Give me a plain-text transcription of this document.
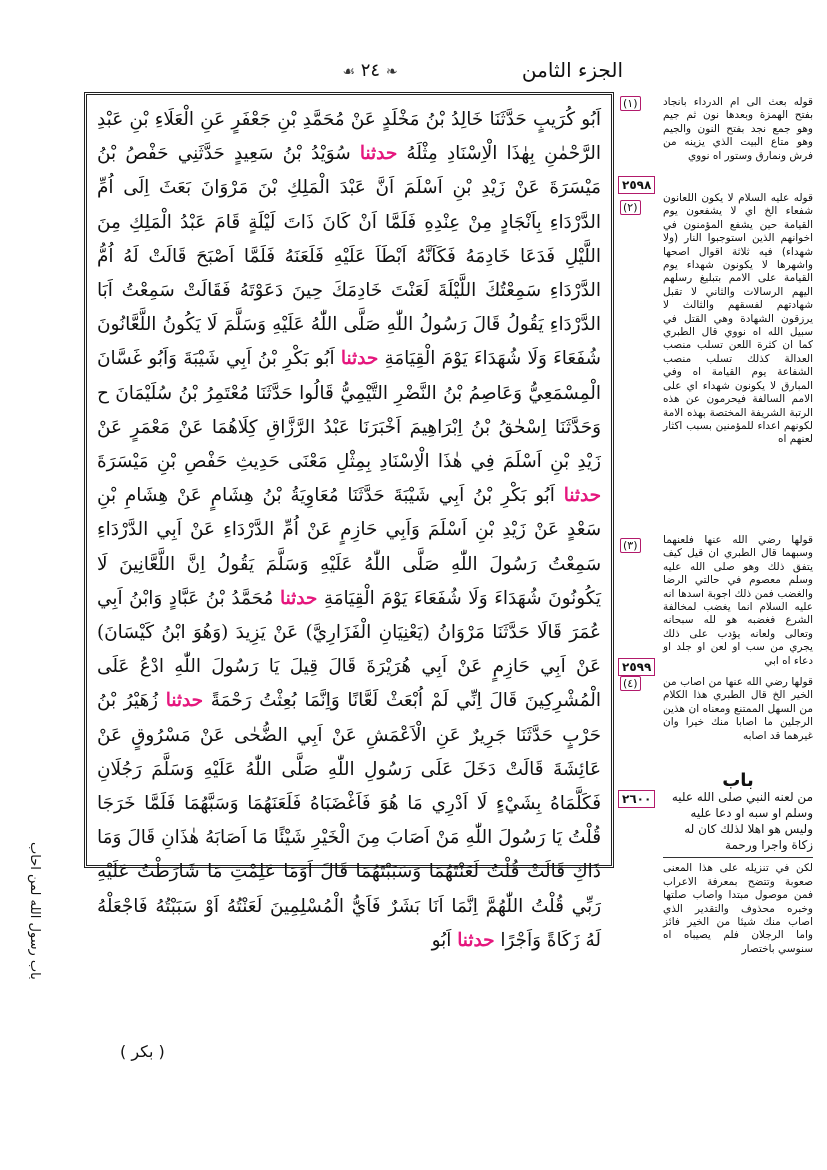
الجزء الثامن
❧ ٢٤ ☙

اَبُو كُرَيبٍ حَدَّثَنَا خَالِدُ بْنُ مَخْلَدٍ عَنْ مُحَمَّدِ بْنِ جَعْفَرٍ عَنِ الْعَلَاءِ بْنِ عَبْدِ الرَّحْمٰنِ بِهٰذَا الْاِسْنَادِ مِثْلَهُ حدثنا سُوَيْدُ بْنُ سَعِيدٍ حَدَّثَنِي حَفْصُ بْنُ مَيْسَرَةَ عَنْ زَيْدِ بْنِ اَسْلَمَ اَنَّ عَبْدَ الْمَلِكِ بْنَ مَرْوَانَ بَعَثَ اِلَى اُمِّ الدَّرْدَاءِ بِاَنْجَادٍ مِنْ عِنْدِهِ فَلَمَّا اَنْ كَانَ ذَاتَ لَيْلَةٍ قَامَ عَبْدُ الْمَلِكِ مِنَ اللَّيْلِ فَدَعَا خَادِمَهُ فَكَاَنَّهُ اَبْطَاَ عَلَيْهِ فَلَعَنَهُ فَلَمَّا اَصْبَحَ قَالَتْ لَهُ اُمُّ الدَّرْدَاءِ سَمِعْتُكَ اللَّيْلَةَ لَعَنْتَ خَادِمَكَ حِينَ دَعَوْتَهُ فَقَالَتْ سَمِعْتُ اَبَا الدَّرْدَاءِ يَقُولُ قَالَ رَسُولُ اللّٰهِ صَلَّى اللّٰهُ عَلَيْهِ وَسَلَّمَ لَا يَكُونُ اللَّعَّانُونَ شُفَعَاءَ وَلَا شُهَدَاءَ يَوْمَ الْقِيَامَةِ حدثنا اَبُو بَكْرِ بْنُ اَبِي شَيْبَةَ وَاَبُو غَسَّانَ الْمِسْمَعِيُّ وَعَاصِمُ بْنُ النَّضْرِ التَّيْمِيُّ قَالُوا حَدَّثَنَا مُعْتَمِرُ بْنُ سُلَيْمَانَ ح وَحَدَّثَنَا اِسْحٰقُ بْنُ اِبْرَاهِيمَ اَخْبَرَنَا عَبْدُ الرَّزَّاقِ كِلَاهُمَا عَنْ مَعْمَرٍ عَنْ زَيْدِ بْنِ اَسْلَمَ فِي هٰذَا الْاِسْنَادِ بِمِثْلِ مَعْنَى حَدِيثِ حَفْصِ بْنِ مَيْسَرَةَ حدثنا اَبُو بَكْرِ بْنُ اَبِي شَيْبَةَ حَدَّثَنَا مُعَاوِيَةُ بْنُ هِشَامٍ عَنْ هِشَامِ بْنِ سَعْدٍ عَنْ زَيْدِ بْنِ اَسْلَمَ وَاَبِي حَازِمٍ عَنْ اُمِّ الدَّرْدَاءِ عَنْ اَبِي الدَّرْدَاءِ سَمِعْتُ رَسُولَ اللّٰهِ صَلَّى اللّٰهُ عَلَيْهِ وَسَلَّمَ يَقُولُ اِنَّ اللَّعَّانِينَ لَا يَكُونُونَ شُهَدَاءَ وَلَا شُفَعَاءَ يَوْمَ الْقِيَامَةِ حدثنا مُحَمَّدُ بْنُ عَبَّادٍ وَابْنُ اَبِي عُمَرَ قَالَا حَدَّثَنَا مَرْوَانُ (يَعْنِيَانِ الْفَزَارِيَّ) عَنْ يَزِيدَ (وَهُوَ ابْنُ كَيْسَانَ) عَنْ اَبِي حَازِمٍ عَنْ اَبِي هُرَيْرَةَ قَالَ قِيلَ يَا رَسُولَ اللّٰهِ ادْعُ عَلَى الْمُشْرِكِينَ قَالَ اِنِّي لَمْ اُبْعَثْ لَعَّانًا وَاِنَّمَا بُعِثْتُ رَحْمَةً حدثنا زُهَيْرُ بْنُ حَرْبٍ حَدَّثَنَا جَرِيرٌ عَنِ الْاَعْمَشِ عَنْ اَبِي الضُّحٰى عَنْ مَسْرُوقٍ عَنْ عَائِشَةَ قَالَتْ دَخَلَ عَلَى رَسُولِ اللّٰهِ صَلَّى اللّٰهُ عَلَيْهِ وَسَلَّمَ رَجُلَانِ فَكَلَّمَاهُ بِشَيْءٍ لَا اَدْرِي مَا هُوَ فَاَغْضَبَاهُ فَلَعَنَهُمَا وَسَبَّهُمَا فَلَمَّا خَرَجَا قُلْتُ يَا رَسُولَ اللّٰهِ مَنْ اَصَابَ مِنَ الْخَيْرِ شَيْئًا مَا اَصَابَهُ هٰذَانِ قَالَ وَمَا ذَاكِ قَالَتْ قُلْتُ لَعَنْتَهُمَا وَسَبَبْتَهُمَا قَالَ اَوَمَا عَلِمْتِ مَا شَارَطْتُ عَلَيْهِ رَبِّي قُلْتُ اللّٰهُمَّ اِنَّمَا اَنَا بَشَرٌ فَاَيُّ الْمُسْلِمِينَ لَعَنْتُهُ اَوْ سَبَبْتُهُ فَاجْعَلْهُ لَهُ زَكَاةً وَاَجْرًا حدثنا اَبُو

(١)
٢٥٩٨
(٢)
(٣)
٢٥٩٩
(٤)
٢٦٠٠
قوله بعث الى ام الدرداء بانجاد بفتح الهمزة وبعدها نون ثم جيم وهو جمع نجد بفتح النون والجيم وهو متاع البيت الذي يزينه من فرش ونمارق وستور اه نووي
قوله عليه السلام لا يكون اللعانون شفعاء الخ اي لا يشفعون يوم القيامة حين يشفع المؤمنون في اخوانهم الذين استوجبوا النار (ولا شهداء) فيه ثلاثة اقوال اصحها واشهرها لا يكونون شهداء يوم القيامة على الامم بتبليغ رسلهم اليهم الرسالات والثاني لا تقبل شهادتهم لفسقهم والثالث لا يرزقون الشهادة وهي القتل في سبيل الله اه نووي قال الطبري كما ان كثرة اللعن تسلب منصب العدالة كذلك تسلب منصب الشفاعة يوم القيامة اه وفي المبارق لا يكونون شهداء اي على الامم السالفة فيحرمون عن هذه الرتبة الشريفة المختصة بهذه الامة لكونهم اعداء للمؤمنين بسبب اكثار لعنهم اه
قولها رضي الله عنها فلعنهما وسبهما قال الطبري ان قيل كيف يتفق ذلك وهو صلى الله عليه وسلم معصوم في حالتي الرضا والغضب فمن ذلك اجوبة اسدها انه عليه السلام انما يغضب لمخالفة الشرع فغضبه هو لله سبحانه وتعالى ولعانه يؤدب على ذلك يجري من سب او لعن او جلد او دعاء اه ابي
قولها رضي الله عنها من اصاب من الخير الخ قال الطبري هذا الكلام من السهل الممتنع ومعناه ان هذين الرجلين ما اصابا منك خيرا وان غيرهما قد اصابه
باب
من لعنه النبي صلى الله عليه وسلم او سبه او دعا عليه وليس هو اهلا لذلك كان له زكاة واجرا ورحمة
لكن في تنزيله على هذا المعنى صعوبة وتتضح بمعرفة الاعراب فمن موصول مبتدا واصاب صلتها وخبره محذوف والتقدير الذي اصاب منك شيئا من الخير فائز واما الرجلان فلم يصيباه اه سنوسي باختصار
باب رسول الله لمن احاب
( بكر )
